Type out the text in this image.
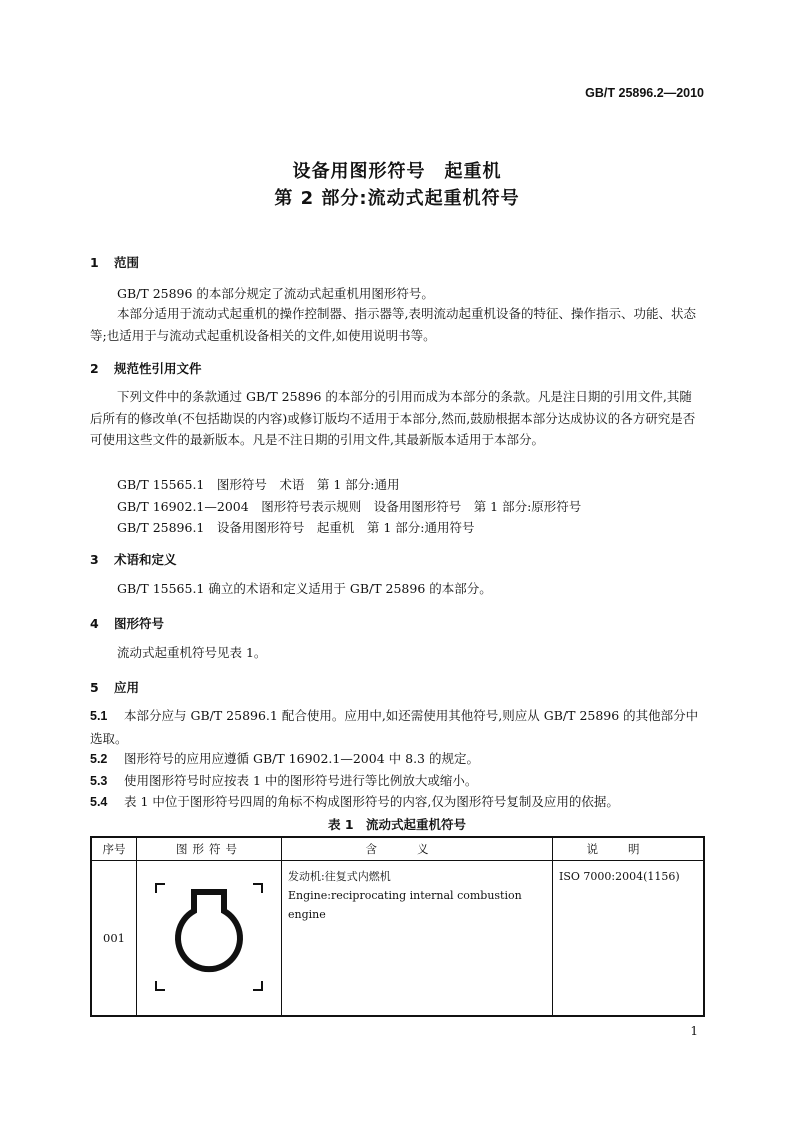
GB/T 25896.2—2010
设备用图形符号　起重机
第 2 部分:流动式起重机符号
1 范围
GB/T 25896 的本部分规定了流动式起重机用图形符号。
本部分适用于流动式起重机的操作控制器、指示器等,表明流动起重机设备的特征、操作指示、功能、状态等;也适用于与流动式起重机设备相关的文件,如使用说明书等。
2 规范性引用文件
下列文件中的条款通过 GB/T 25896 的本部分的引用而成为本部分的条款。凡是注日期的引用文件,其随后所有的修改单(不包括勘误的内容)或修订版均不适用于本部分,然而,鼓励根据本部分达成协议的各方研究是否可使用这些文件的最新版本。凡是不注日期的引用文件,其最新版本适用于本部分。
GB/T 15565.1　图形符号　术语　第 1 部分:通用
GB/T 16902.1—2004　图形符号表示规则　设备用图形符号　第 1 部分:原形符号
GB/T 25896.1　设备用图形符号　起重机　第 1 部分:通用符号
3 术语和定义
GB/T 15565.1 确立的术语和定义适用于 GB/T 25896 的本部分。
4 图形符号
流动式起重机符号见表 1。
5 应用
5.1 本部分应与 GB/T 25896.1 配合使用。应用中,如还需使用其他符号,则应从 GB/T 25896 的其他部分中选取。
5.2 图形符号的应用应遵循 GB/T 16902.1—2004 中 8.3 的规定。
5.3 使用图形符号时应按表 1 中的图形符号进行等比例放大或缩小。
5.4 表 1 中位于图形符号四周的角标不构成图形符号的内容,仅为图形符号复制及应用的依据。
表 1　流动式起重机符号
序号	图形符号	含义	说明
001		发动机:往复式内燃机
Engine:reciprocating internal combustion engine	ISO 7000:2004(1156)
1
